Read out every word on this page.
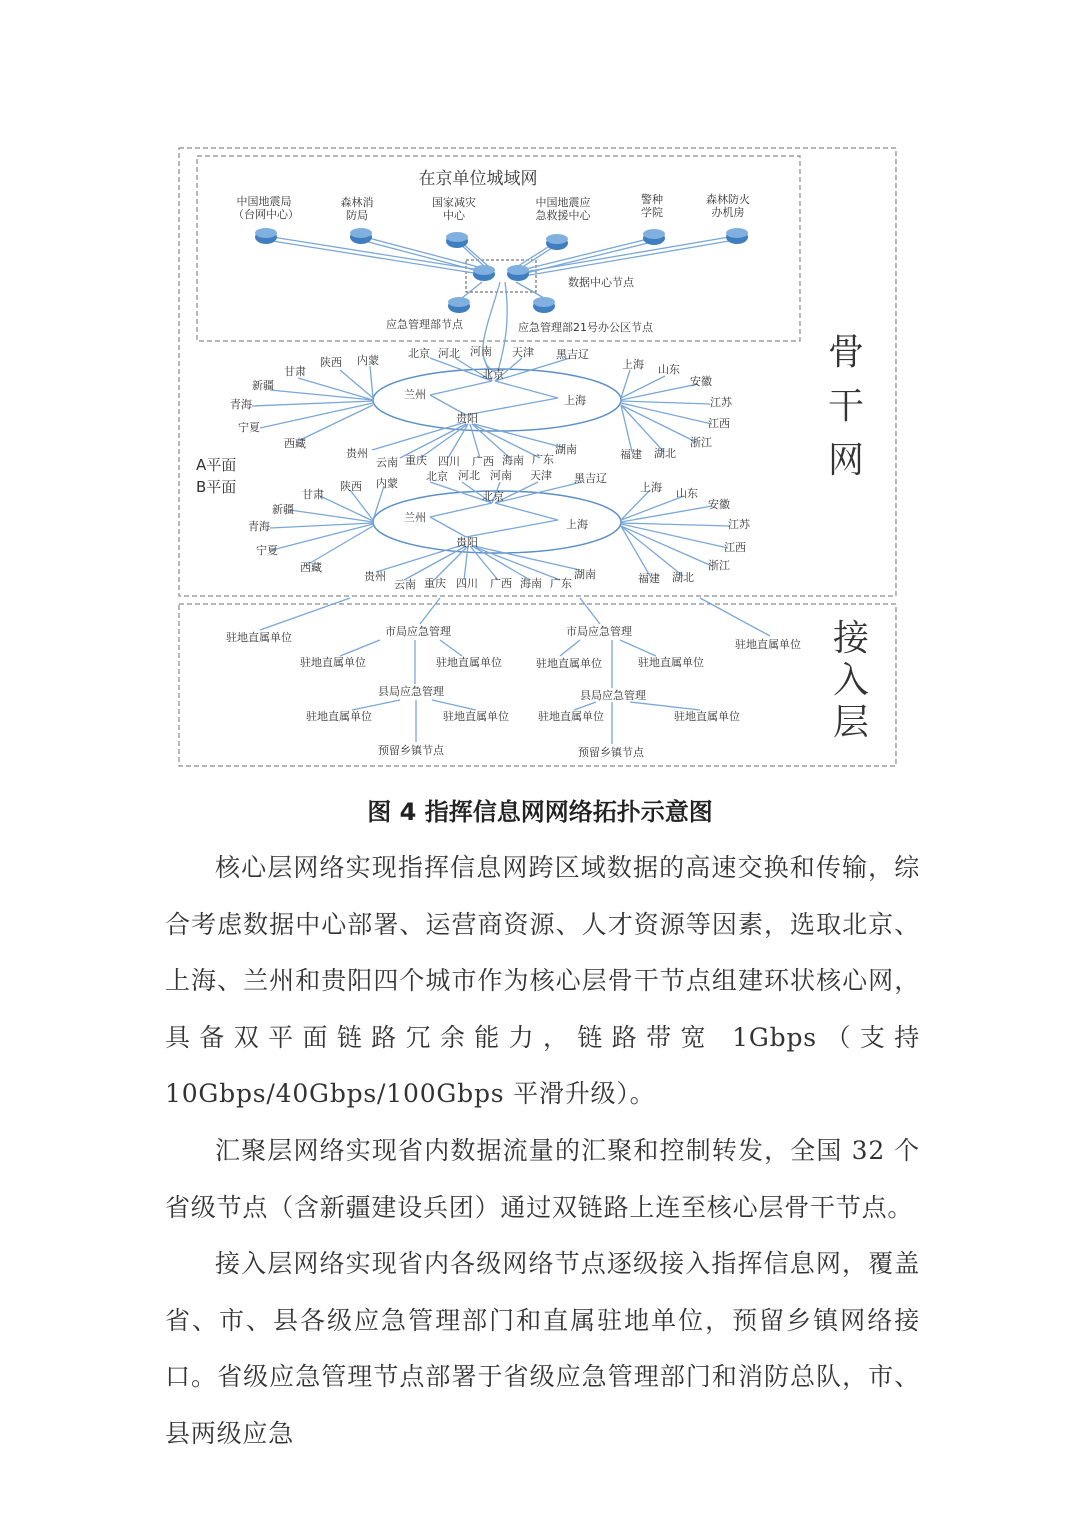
在京单位城域网
中国地震局
（台网中心）
森林消
防局
国家减灾
中心
中国地震应
急救援中心
警种
学院
森林防火
办机房
数据中心节点
应急管理部节点	应急管理部21号办公区节点
骨
干
网
接
入
层
A平面
B平面
北京
兰州	上海
贵阳
北京 河北 河南 天津 黑吉辽
陕西 内蒙
甘肃
新疆
青海
宁夏
西藏
上海 山东
安徽
江苏
江西
浙江
湖北
福建
贵州
云南 重庆 四川 广西 海南 广东
湖南
北京
兰州
上海
贵阳
北京 河北 河南 天津 黑吉辽
陕西 内蒙
甘肃
新疆
青海
宁夏
西藏
上海 山东
安徽
江苏
江西
浙江
湖北
福建
贵州
云南 重庆 四川 广西 海南 广东
湖南
驻地直属单位	市局应急管理	市局应急管理
驻地直属单位
驻地直属单位	驻地直属单位	驻地直属单位	驻地直属单位
县局应急管理	县局应急管理
驻地直属单位	驻地直属单位	驻地直属单位	驻地直属单位
预留乡镇节点	预留乡镇节点
图 4 指挥信息网网络拓扑示意图

核心层网络实现指挥信息网跨区域数据的高速交换和传输，综合考虑数据中心部署、运营商资源、人才资源等因素，选取北京、上海、兰州和贵阳四个城市作为核心层骨干节点组建环状核心网，具备双平面链路冗余能力，链路带宽 1Gbps（支持 10Gbps/40Gbps/100Gbps 平滑升级）。

汇聚层网络实现省内数据流量的汇聚和控制转发，全国 32 个省级节点（含新疆建设兵团）通过双链路上连至核心层骨干节点。

接入层网络实现省内各级网络节点逐级接入指挥信息网，覆盖省、市、县各级应急管理部门和直属驻地单位，预留乡镇网络接口。省级应急管理节点部署于省级应急管理部门和消防总队，市、县两级应急
